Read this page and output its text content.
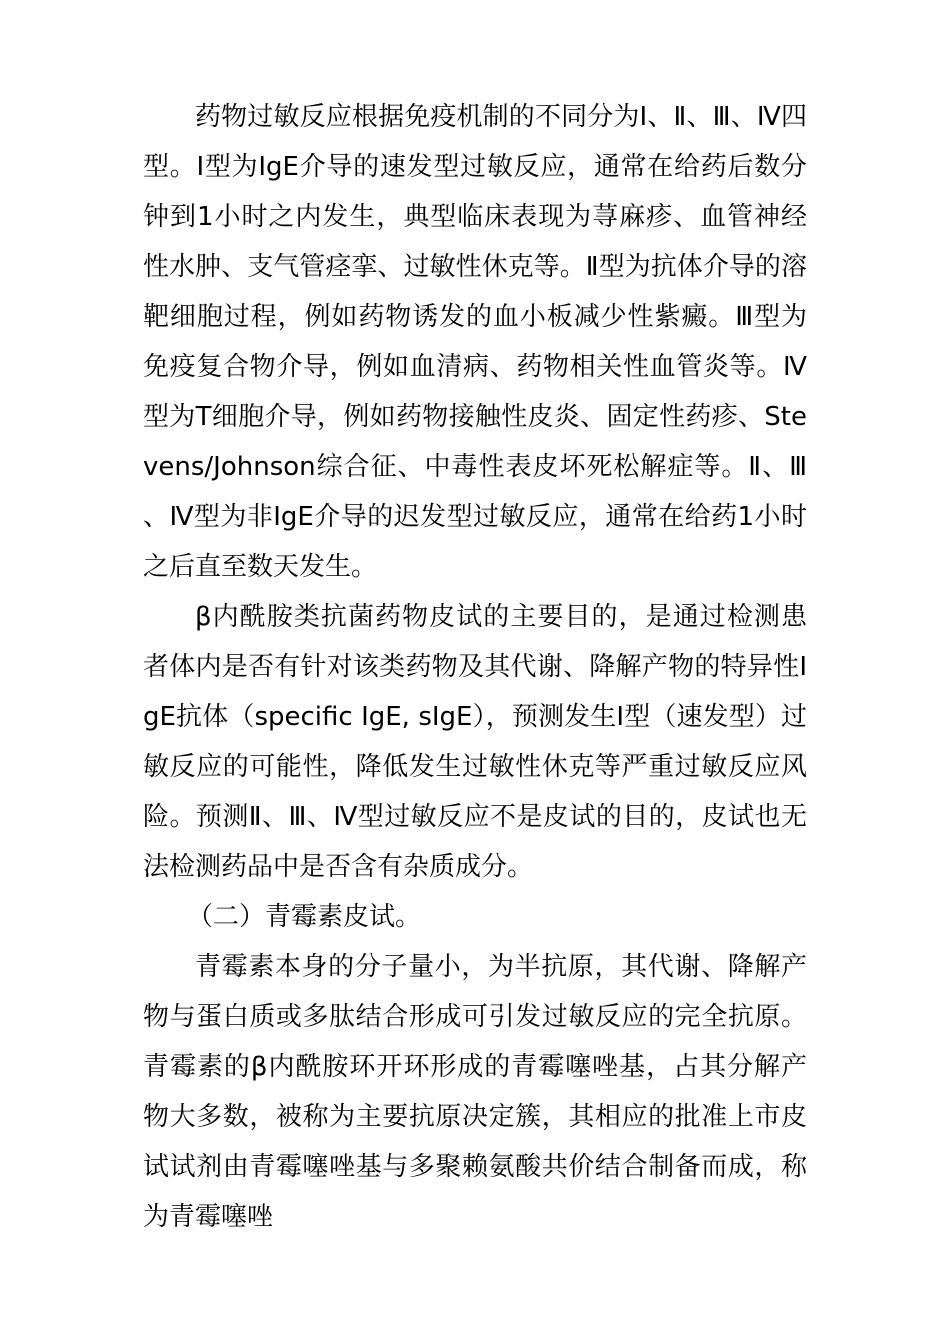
药物过敏反应根据免疫机制的不同分为Ⅰ、Ⅱ、Ⅲ、Ⅳ四型。Ⅰ型为IgE介导的速发型过敏反应，通常在给药后数分钟到1小时之内发生，典型临床表现为荨麻疹、血管神经性水肿、支气管痉挛、过敏性休克等。Ⅱ型为抗体介导的溶靶细胞过程，例如药物诱发的血小板减少性紫癜。Ⅲ型为免疫复合物介导，例如血清病、药物相关性血管炎等。Ⅳ型为T细胞介导，例如药物接触性皮炎、固定性药疹、Stevens/Johnson综合征、中毒性表皮坏死松解症等。Ⅱ、Ⅲ、Ⅳ型为非IgE介导的迟发型过敏反应，通常在给药1小时之后直至数天发生。

β内酰胺类抗菌药物皮试的主要目的，是通过检测患者体内是否有针对该类药物及其代谢、降解产物的特异性IgE抗体（specific IgE, sIgE），预测发生Ⅰ型（速发型）过敏反应的可能性，降低发生过敏性休克等严重过敏反应风险。预测Ⅱ、Ⅲ、Ⅳ型过敏反应不是皮试的目的，皮试也无法检测药品中是否含有杂质成分。

（二）青霉素皮试。

青霉素本身的分子量小，为半抗原，其代谢、降解产物与蛋白质或多肽结合形成可引发过敏反应的完全抗原。青霉素的β内酰胺环开环形成的青霉噻唑基，占其分解产物大多数，被称为主要抗原决定簇，其相应的批准上市皮试试剂由青霉噻唑基与多聚赖氨酸共价结合制备而成，称为青霉噻唑
